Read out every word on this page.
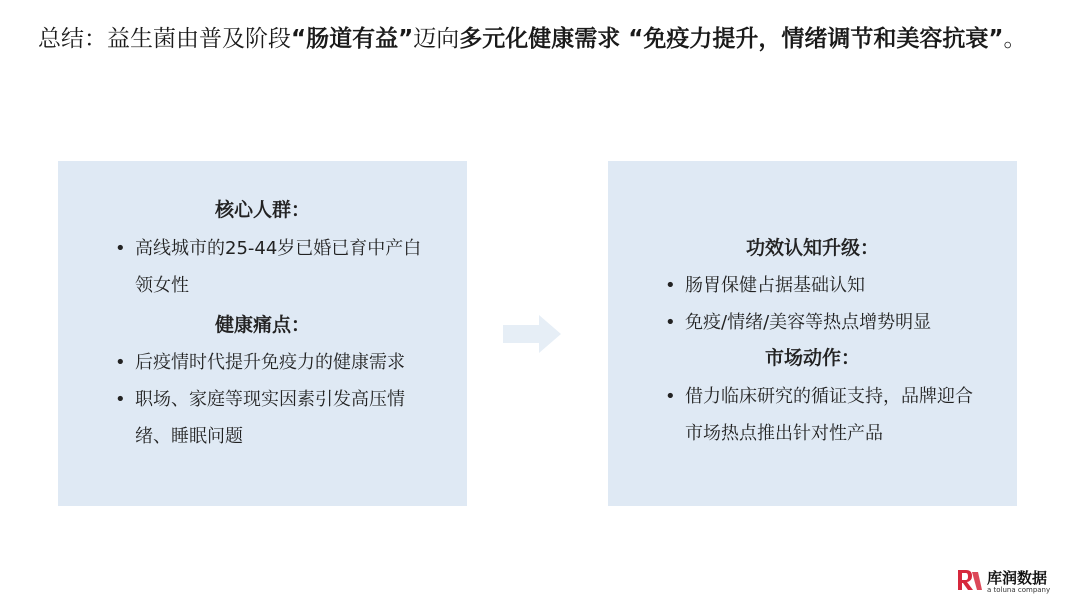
总结：益生菌由普及阶段“肠道有益”迈向多元化健康需求 “免疫力提升，情绪调节和美容抗衰”。
核心人群：
• 高线城市的25-44岁已婚已育中产白领女性
健康痛点：
• 后疫情时代提升免疫力的健康需求
• 职场、家庭等现实因素引发高压情绪、睡眠问题
功效认知升级：
• 肠胃保健占据基础认知
• 免疫/情绪/美容等热点增势明显
市场动作：
• 借力临床研究的循证支持，品牌迎合市场热点推出针对性产品
库润数据
a toluna company
